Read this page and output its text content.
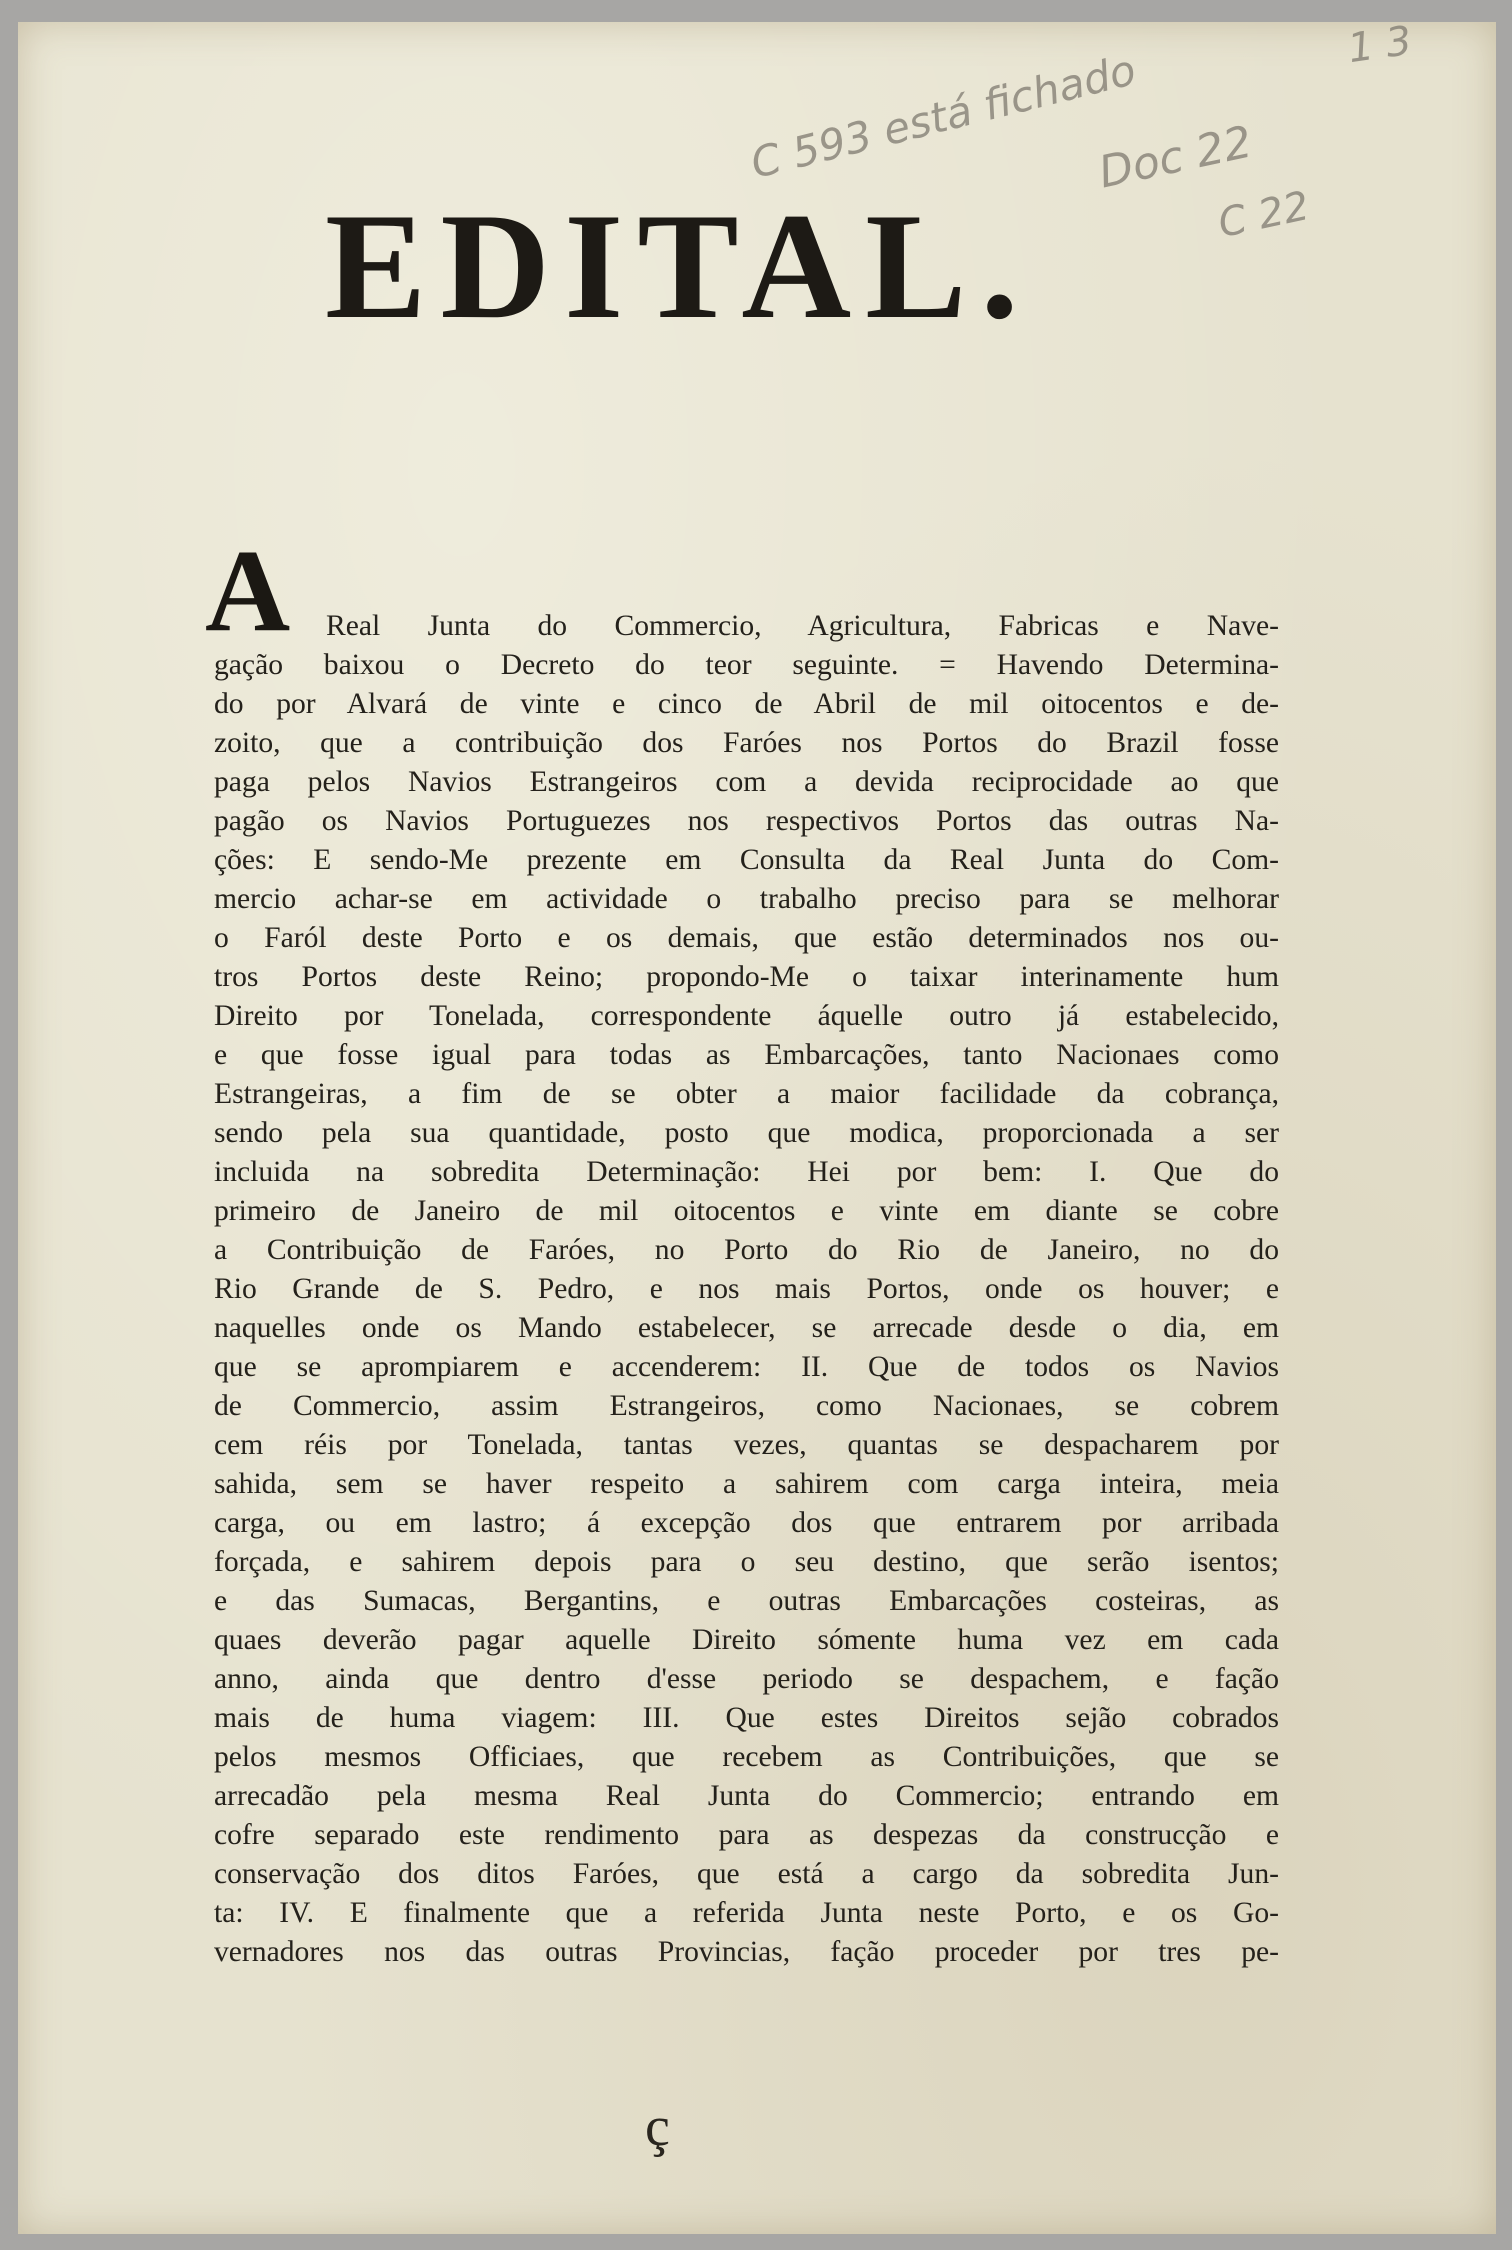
1 3
C 593 está fichado
Doc 22
C 22
EDITAL.
A Real Junta do Commercio, Agricultura, Fabricas e Nave-
gação baixou o Decreto do teor seguinte. = Havendo Determina-
do por Alvará de vinte e cinco de Abril de mil oitocentos e de-
zoito, que a contribuição dos Faróes nos Portos do Brazil fosse
paga pelos Navios Estrangeiros com a devida reciprocidade ao que
pagão os Navios Portuguezes nos respectivos Portos das outras Na-
ções: E sendo-Me prezente em Consulta da Real Junta do Com-
mercio achar-se em actividade o trabalho preciso para se melhorar
o Faról deste Porto e os demais, que estão determinados nos ou-
tros Portos deste Reino; propondo-Me o taixar interinamente hum
Direito por Tonelada, correspondente áquelle outro já estabelecido,
e que fosse igual para todas as Embarcações, tanto Nacionaes como
Estrangeiras, a fim de se obter a maior facilidade da cobrança,
sendo pela sua quantidade, posto que modica, proporcionada a ser
incluida na sobredita Determinação: Hei por bem: I. Que do
primeiro de Janeiro de mil oitocentos e vinte em diante se cobre
a Contribuição de Faróes, no Porto do Rio de Janeiro, no do
Rio Grande de S. Pedro, e nos mais Portos, onde os houver; e
naquelles onde os Mando estabelecer, se arrecade desde o dia, em
que se aprompiarem e accenderem: II. Que de todos os Navios
de Commercio, assim Estrangeiros, como Nacionaes, se cobrem
cem réis por Tonelada, tantas vezes, quantas se despacharem por
sahida, sem se haver respeito a sahirem com carga inteira, meia
carga, ou em lastro; á excepção dos que entrarem por arribada
forçada, e sahirem depois para o seu destino, que serão isentos;
e das Sumacas, Bergantins, e outras Embarcações costeiras, as
quaes deverão pagar aquelle Direito sómente huma vez em cada
anno, ainda que dentro d'esse periodo se despachem, e fação
mais de huma viagem: III. Que estes Direitos sejão cobrados
pelos mesmos Officiaes, que recebem as Contribuições, que se
arrecadão pela mesma Real Junta do Commercio; entrando em
cofre separado este rendimento para as despezas da construcção e
conservação dos ditos Faróes, que está a cargo da sobredita Jun-
ta: IV. E finalmente que a referida Junta neste Porto, e os Go-
vernadores nos das outras Provincias, fação proceder por tres pe-
ç
